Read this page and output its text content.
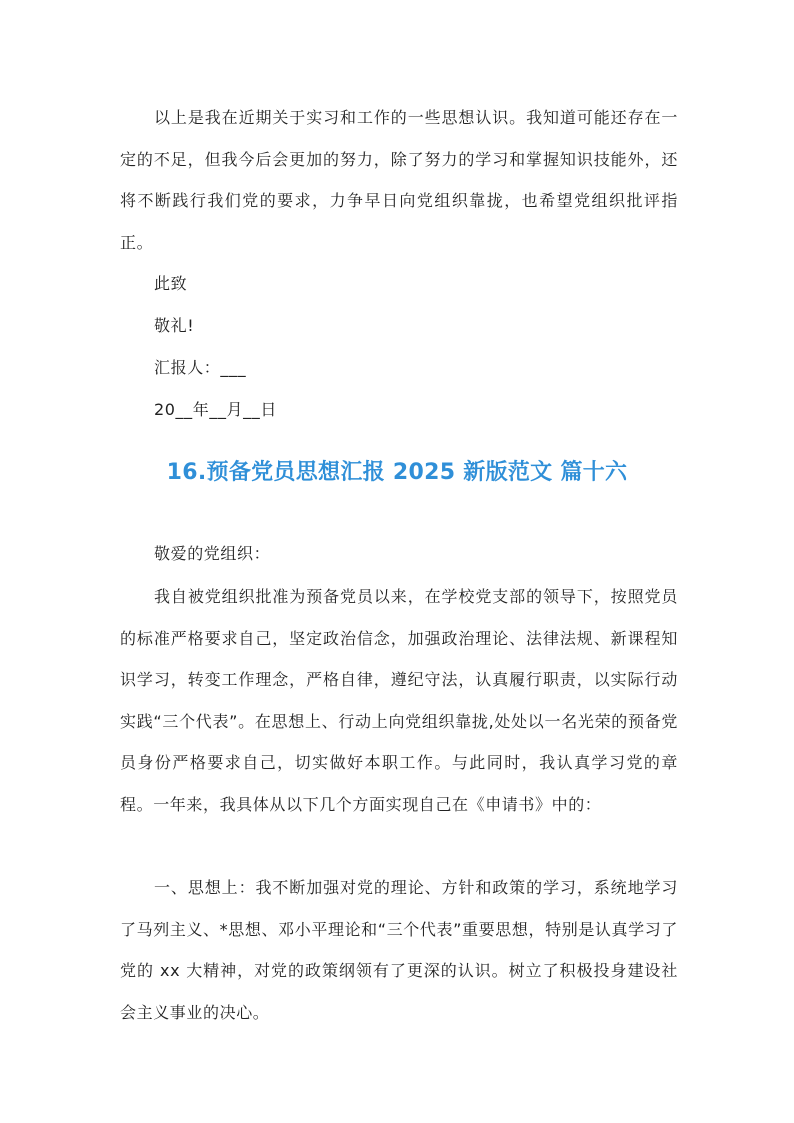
以上是我在近期关于实习和工作的一些思想认识。我知道可能还存在一定的不足，但我今后会更加的努力，除了努力的学习和掌握知识技能外，还将不断践行我们党的要求，力争早日向党组织靠拢，也希望党组织批评指正。

此致

敬礼!

汇报人：___

20__年__月__日

16.预备党员思想汇报 2025 新版范文 篇十六

敬爱的党组织：

我自被党组织批准为预备党员以来，在学校党支部的领导下，按照党员的标准严格要求自己，坚定政治信念，加强政治理论、法律法规、新课程知识学习，转变工作理念，严格自律，遵纪守法，认真履行职责，以实际行动实践“三个代表”。在思想上、行动上向党组织靠拢,处处以一名光荣的预备党员身份严格要求自己，切实做好本职工作。与此同时，我认真学习党的章程。一年来，我具体从以下几个方面实现自己在《申请书》中的：

一、思想上：我不断加强对党的理论、方针和政策的学习，系统地学习了马列主义、*思想、邓小平理论和“三个代表”重要思想，特别是认真学习了党的 xx 大精神，对党的政策纲领有了更深的认识。树立了积极投身建设社会主义事业的决心。
